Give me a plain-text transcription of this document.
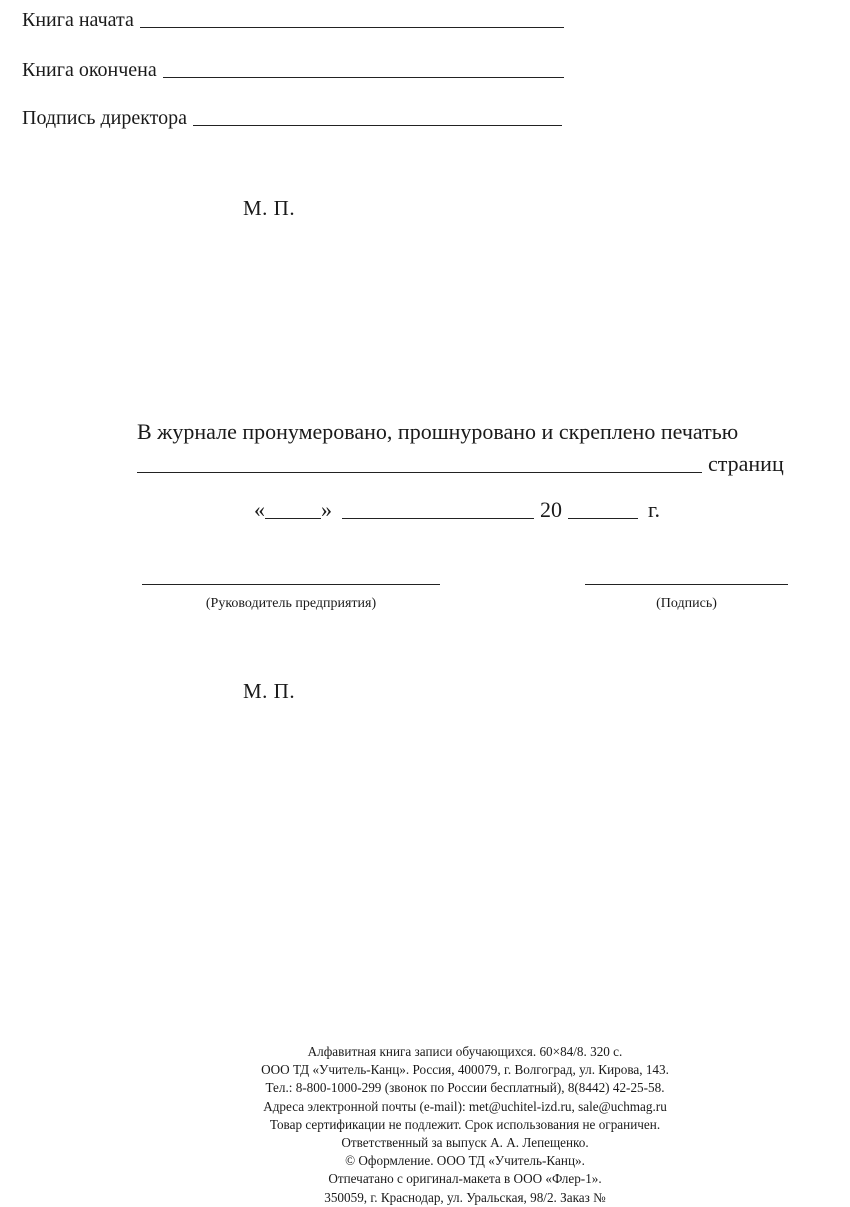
Книга начата
Книга окончена
Подпись директора
М. П.
В журнале пронумеровано, прошнуровано и скреплено печатью
страниц
«	»	20	г.
(Руководитель предприятия)	(Подпись)
М. П.
Алфавитная книга записи обучающихся. 60×84/8. 320 с.
ООО ТД «Учитель-Канц». Россия, 400079, г. Волгоград, ул. Кирова, 143.
Тел.: 8-800-1000-299 (звонок по России бесплатный), 8(8442) 42-25-58.
Адреса электронной почты (e-mail): met@uchitel-izd.ru, sale@uchmag.ru
Товар сертификации не подлежит. Срок использования не ограничен.
Ответственный за выпуск А. А. Лепещенко.
© Оформление. ООО ТД «Учитель-Канц».
Отпечатано с оригинал-макета в ООО «Флер-1».
350059, г. Краснодар, ул. Уральская, 98/2. Заказ №
